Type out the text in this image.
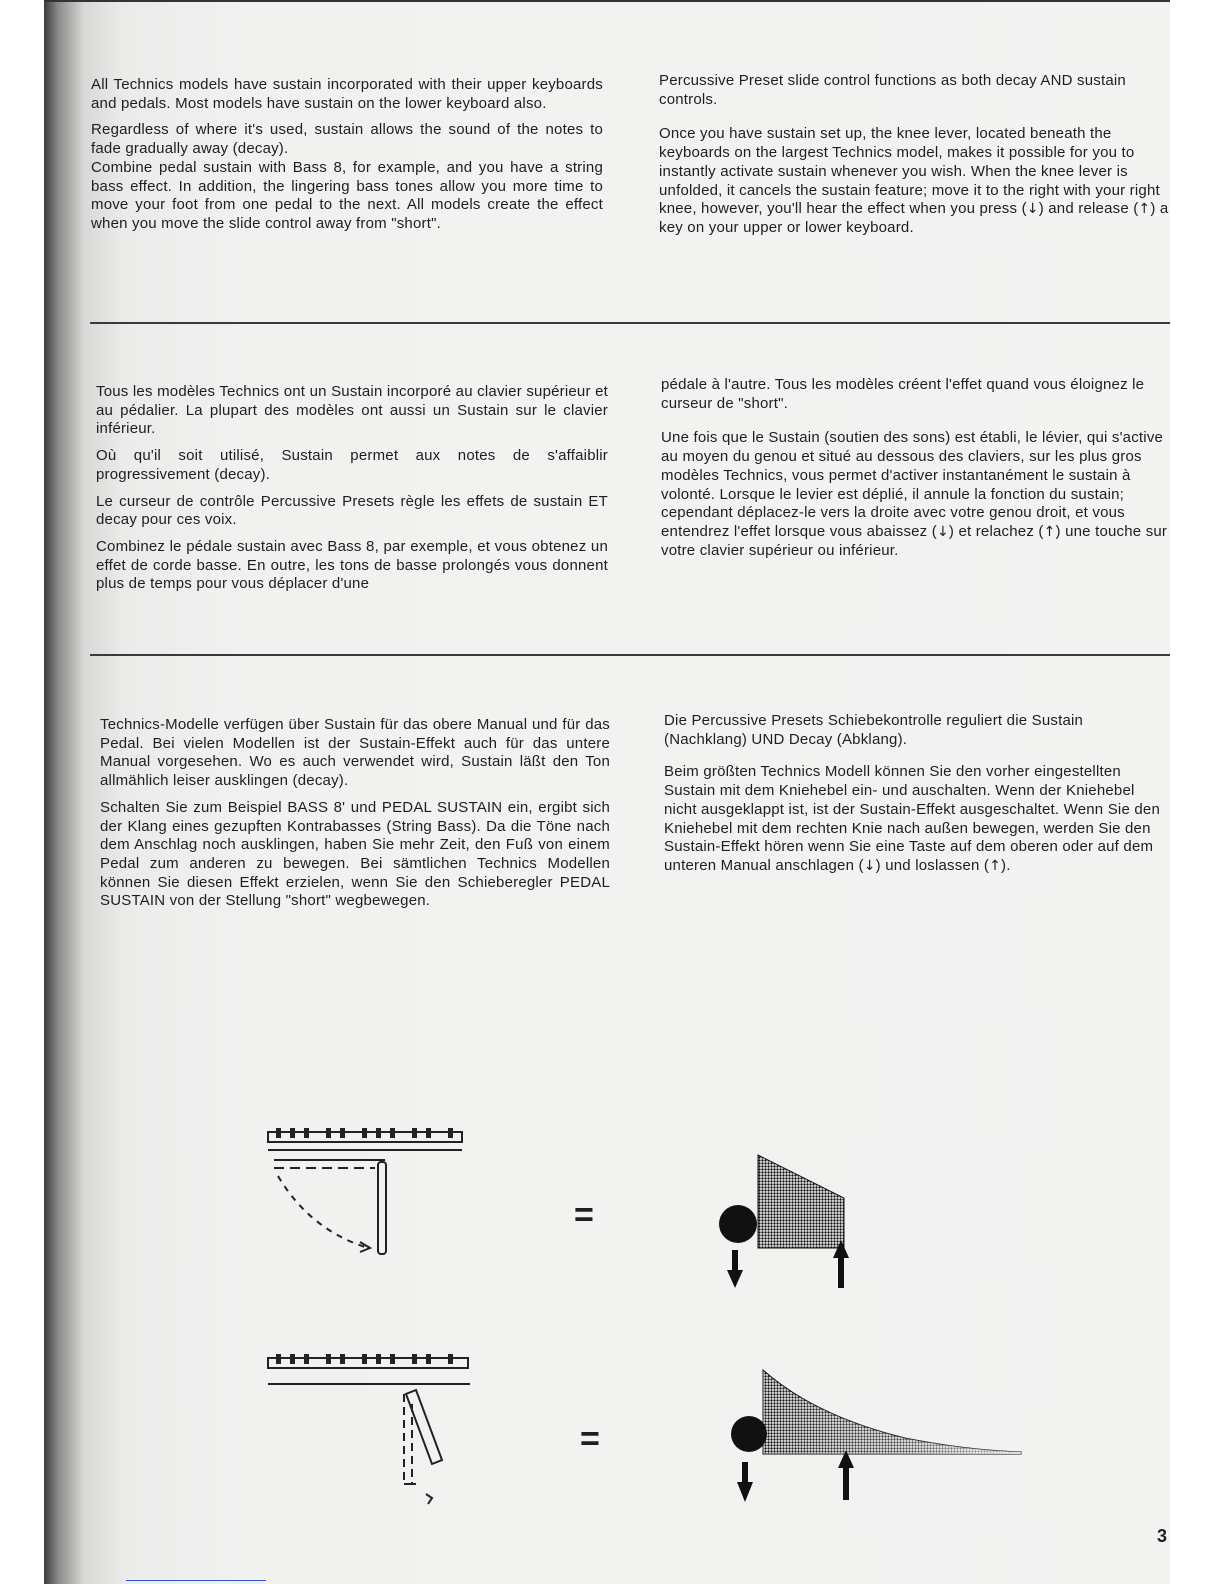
All Technics models have sustain incorporated with their upper keyboards and pedals. Most models have sustain on the lower keyboard also.

Regardless of where it's used, sustain allows the sound of the notes to fade gradually away (decay).

Combine pedal sustain with Bass 8, for example, and you have a string bass effect. In addition, the lingering bass tones allow you more time to move your foot from one pedal to the next. All models create the effect when you move the slide control away from "short".

Percussive Preset slide control functions as both decay AND sustain controls.

Once you have sustain set up, the knee lever, located beneath the keyboards on the largest Technics model, makes it possible for you to instantly activate sustain whenever you wish. When the knee lever is unfolded, it cancels the sustain feature; move it to the right with your right knee, however, you'll hear the effect when you press (↓) and release (↑) a key on your upper or lower keyboard.

Tous les modèles Technics ont un Sustain incorporé au clavier supérieur et au pédalier. La plupart des modèles ont aussi un Sustain sur le clavier inférieur.

Où qu'il soit utilisé, Sustain permet aux notes de s'affaiblir progressivement (decay).

Le curseur de contrôle Percussive Presets règle les effets de sustain ET decay pour ces voix.

Combinez le pédale sustain avec Bass 8, par exemple, et vous obtenez un effet de corde basse. En outre, les tons de basse prolongés vous donnent plus de temps pour vous déplacer d'une

pédale à l'autre. Tous les modèles créent l'effet quand vous éloignez le curseur de "short".

Une fois que le Sustain (soutien des sons) est établi, le lévier, qui s'active au moyen du genou et situé au dessous des claviers, sur les plus gros modèles Technics, vous permet d'activer instantanément le sustain à volonté. Lorsque le levier est déplié, il annule la fonction du sustain; cependant déplacez-le vers la droite avec votre genou droit, et vous entendrez l'effet lorsque vous abaissez (↓) et relachez (↑) une touche sur votre clavier supérieur ou inférieur.

Technics-Modelle verfügen über Sustain für das obere Manual und für das Pedal. Bei vielen Modellen ist der Sustain-Effekt auch für das untere Manual vorgesehen. Wo es auch verwendet wird, Sustain läßt den Ton allmählich leiser ausklingen (decay).

Schalten Sie zum Beispiel BASS 8' und PEDAL SUSTAIN ein, ergibt sich der Klang eines gezupften Kontrabasses (String Bass). Da die Töne nach dem Anschlag noch ausklingen, haben Sie mehr Zeit, den Fuß von einem Pedal zum anderen zu bewegen. Bei sämtlichen Technics Modellen können Sie diesen Effekt erzielen, wenn Sie den Schieberegler PEDAL SUSTAIN von der Stellung "short" wegbewegen.

Die Percussive Presets Schiebekontrolle reguliert die Sustain (Nachklang) UND Decay (Abklang).

Beim größten Technics Modell können Sie den vorher eingestellten Sustain mit dem Kniehebel ein- und auschalten. Wenn der Kniehebel nicht ausgeklappt ist, ist der Sustain-Effekt ausgeschaltet. Wenn Sie den Kniehebel mit dem rechten Knie nach außen bewegen, werden Sie den Sustain-Effekt hören wenn Sie eine Taste auf dem oberen oder auf dem unteren Manual anschlagen (↓) und loslassen (↑).

=
=
3
